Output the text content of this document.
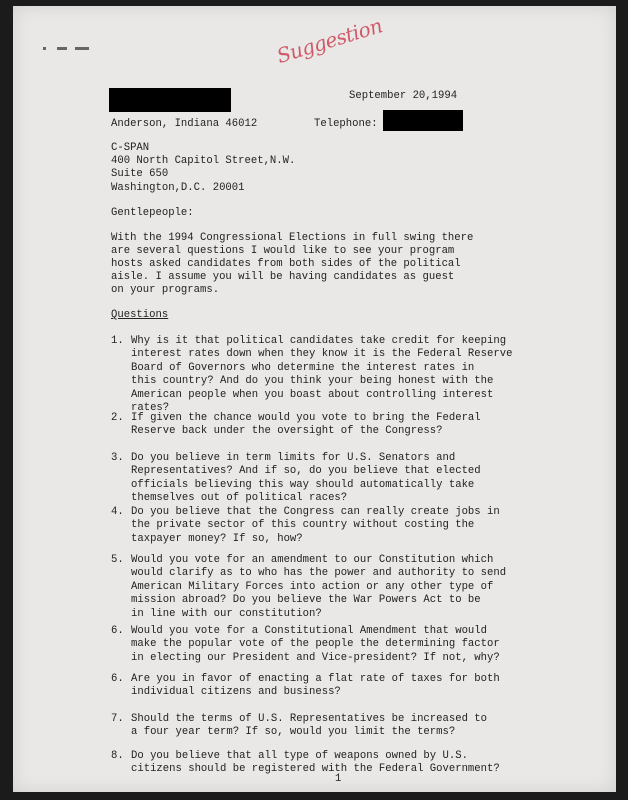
Suggestion

September 20,1994

Anderson, Indiana 46012	Telephone:

C-SPAN

400 North Capitol Street,N.W.

Suite 650

Washington,D.C. 20001

Gentlepeople:

With the 1994 Congressional Elections in full swing there

are several questions I would like to see your program

hosts asked candidates from both sides of the political

aisle. I assume you will be having candidates as guest

on your programs.

Questions

1. Why is it that political candidates take credit for keeping

interest rates down when they know it is the Federal Reserve

Board of Governors who determine the interest rates in

this country? And do you think your being honest with the

American people when you boast about controlling interest

rates?

2. If given the chance would you vote to bring the Federal

Reserve back under the oversight of the Congress?

3. Do you believe in term limits for U.S. Senators and

Representatives? And if so, do you believe that elected

officials believing this way should automatically take

themselves out of political races?

4. Do you believe that the Congress can really create jobs in

the private sector of this country without costing the

taxpayer money? If so, how?

5. Would you vote for an amendment to our Constitution which

would clarify as to who has the power and authority to send

American Military Forces into action or any other type of

mission abroad? Do you believe the War Powers Act to be

in line with our constitution?

6. Would you vote for a Constitutional Amendment that would

make the popular vote of the people the determining factor

in electing our President and Vice-president? If not, why?

6. Are you in favor of enacting a flat rate of taxes for both

individual citizens and business?

7. Should the terms of U.S. Representatives be increased to

a four year term? If so, would you limit the terms?

8. Do you believe that all type of weapons owned by U.S.

citizens should be registered with the Federal Government?

1
